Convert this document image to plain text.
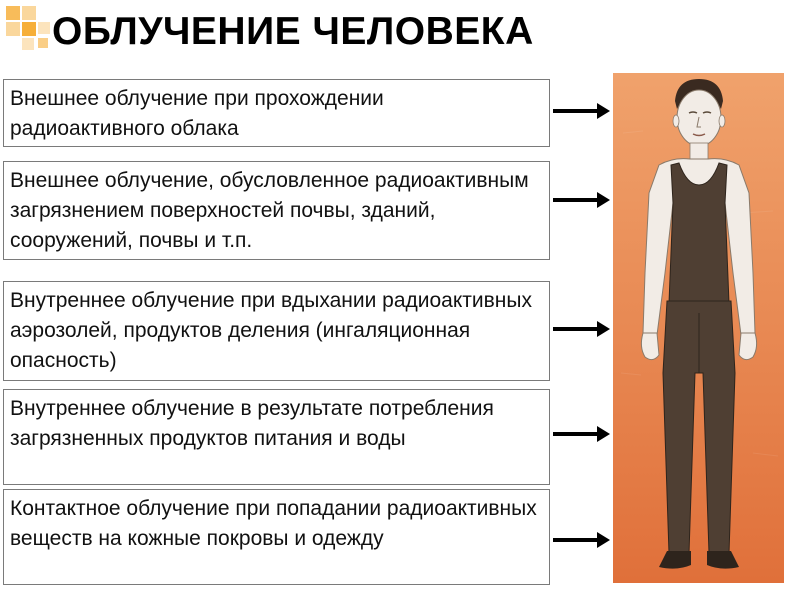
ОБЛУЧЕНИЕ ЧЕЛОВЕКА
Внешнее облучение при прохождении радиоактивного облака
Внешнее облучение, обусловленное радиоактивным загрязнением поверхностей почвы, зданий, сооружений, почвы и т.п.
Внутреннее облучение при вдыхании радиоактивных аэрозолей, продуктов деления (ингаляционная опасность)
Внутреннее облучение в результате потребления загрязненных продуктов питания и воды
Контактное облучение при попадании радиоактивных веществ на кожные покровы и одежду
